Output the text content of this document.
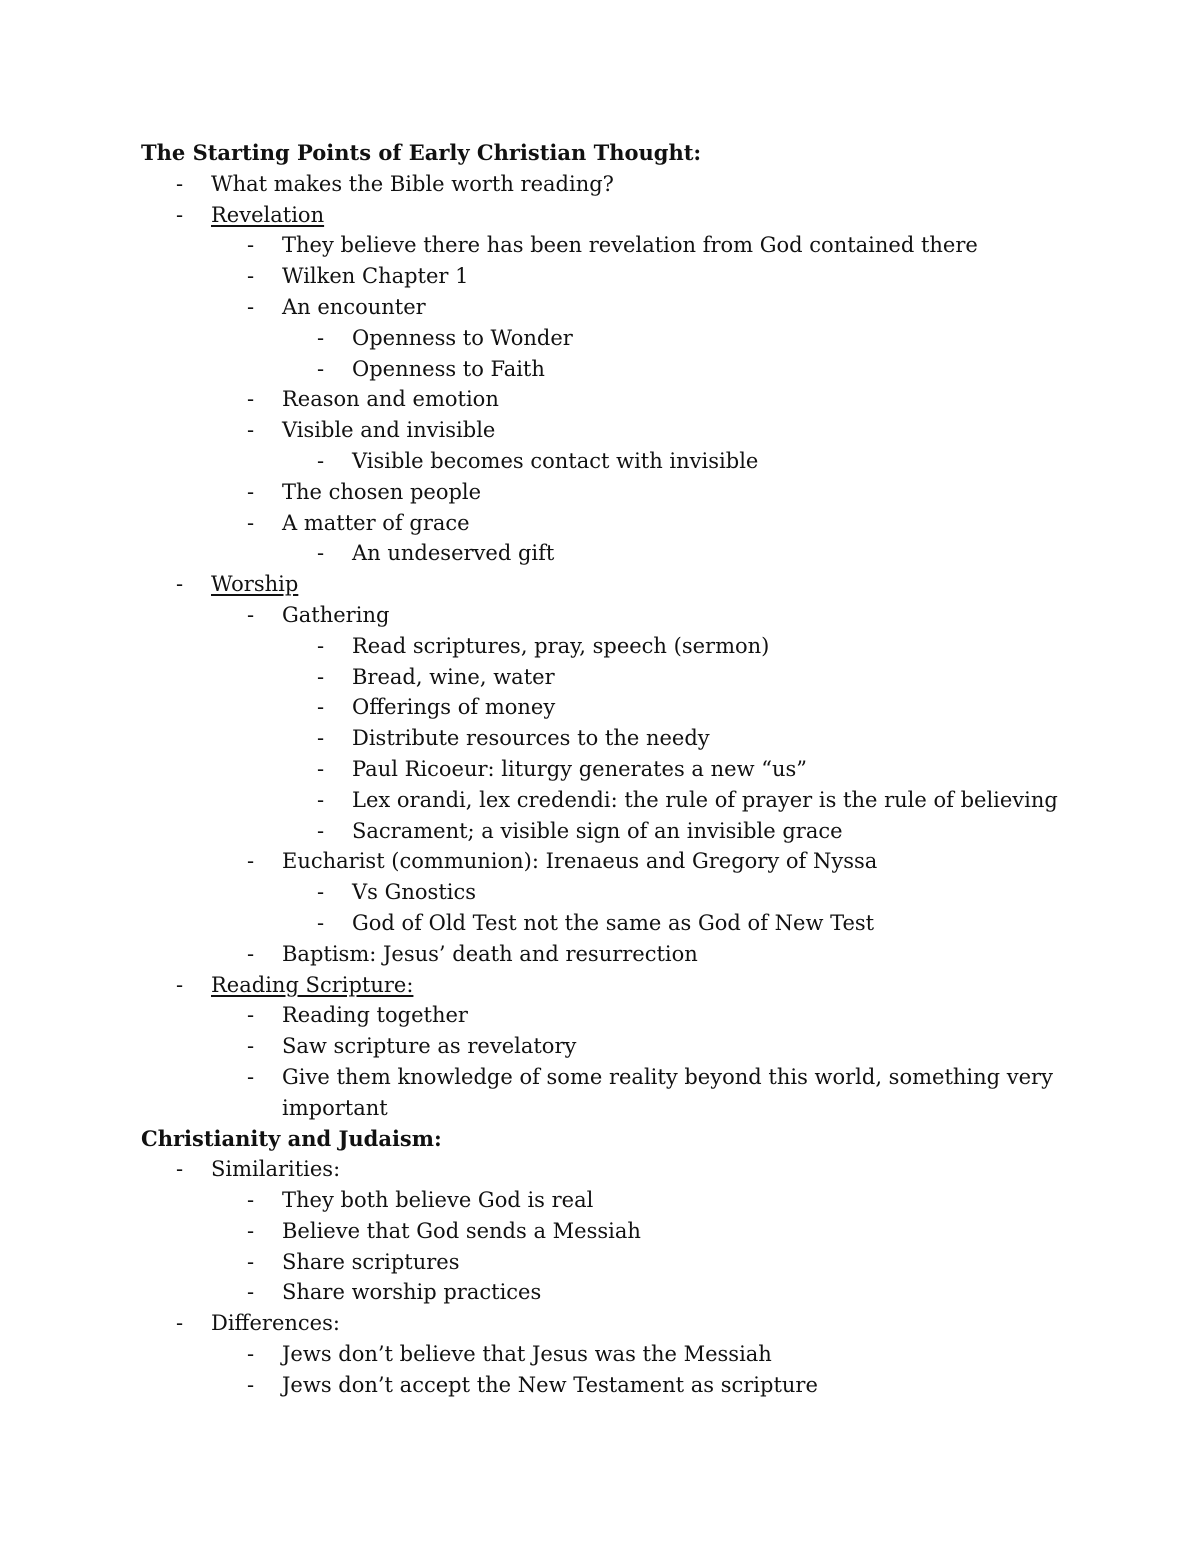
The Starting Points of Early Christian Thought:
- What makes the Bible worth reading?
- Revelation
- They believe there has been revelation from God contained there
- Wilken Chapter 1
- An encounter
- Openness to Wonder
- Openness to Faith
- Reason and emotion
- Visible and invisible
- Visible becomes contact with invisible
- The chosen people
- A matter of grace
- An undeserved gift
- Worship
- Gathering
- Read scriptures, pray, speech (sermon)
- Bread, wine, water
- Offerings of money
- Distribute resources to the needy
- Paul Ricoeur: liturgy generates a new “us”
- Lex orandi, lex credendi: the rule of prayer is the rule of believing
- Sacrament; a visible sign of an invisible grace
- Eucharist (communion): Irenaeus and Gregory of Nyssa
- Vs Gnostics
- God of Old Test not the same as God of New Test
- Baptism: Jesus’ death and resurrection
- Reading Scripture:
- Reading together
- Saw scripture as revelatory
- Give them knowledge of some reality beyond this world, something very
important
Christianity and Judaism:
- Similarities:
- They both believe God is real
- Believe that God sends a Messiah
- Share scriptures
- Share worship practices
- Differences:
- Jews don’t believe that Jesus was the Messiah
- Jews don’t accept the New Testament as scripture
